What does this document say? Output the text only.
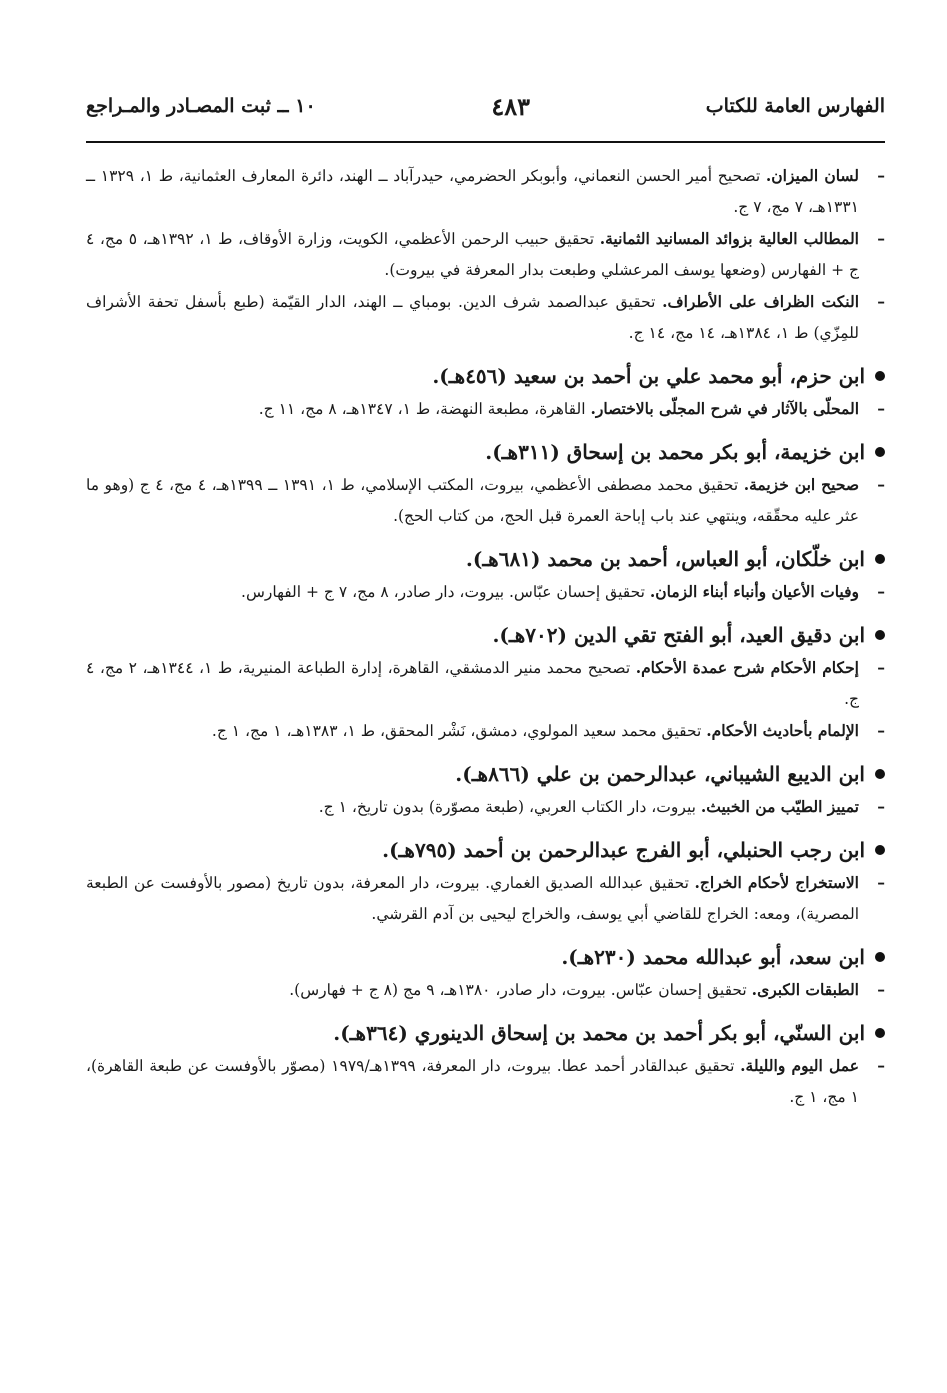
الفهارس العامة للكتاب
٤٨٣
١٠ ــ ثبت المصـادر والمـراجع

–
لسان الميزان. تصحيح أمير الحسن النعماني، وأبوبكر الحضرمي، حيدرآباد ــ الهند، دائرة المعارف العثمانية، ط ١، ١٣٢٩ ــ ١٣٣١هـ، ٧ مج، ٧ ج.

–
المطالب العالية بزوائد المسانيد الثمانية. تحقيق حبيب الرحمن الأعظمي، الكويت، وزارة الأوقاف، ط ١، ١٣٩٢هـ، ٥ مج، ٤ ج + الفهارس (وضعها يوسف المرعشلي وطبعت بدار المعرفة في بيروت).

–
النكت الظراف على الأطراف. تحقيق عبدالصمد شرف الدين. بومباي ــ الهند، الدار القيّمة (طبع بأسفل تحفة الأشراف للمِزّي) ط ١، ١٣٨٤هـ، ١٤ مج، ١٤ ج.

ابن حزم، أبو محمد علي بن أحمد بن سعيد (٤٥٦هـ).

–
المحلّى بالآثار في شرح المجلّى بالاختصار. القاهرة، مطبعة النهضة، ط ١، ١٣٤٧هـ، ٨ مج، ١١ ج.

ابن خزيمة، أبو بكر محمد بن إسحاق (٣١١هـ).

–
صحيح ابن خزيمة. تحقيق محمد مصطفى الأعظمي، بيروت، المكتب الإسلامي، ط ١، ١٣٩١ ــ ١٣٩٩هـ، ٤ مج، ٤ ج (وهو ما عثر عليه محقّقه، وينتهي عند باب إباحة العمرة قبل الحج، من كتاب الحج).

ابن خلّكان، أبو العباس، أحمد بن محمد (٦٨١هـ).

–
وفيات الأعيان وأنباء أبناء الزمان. تحقيق إحسان عبّاس. بيروت، دار صادر، ٨ مج، ٧ ج + الفهارس.

ابن دقيق العيد، أبو الفتح تقي الدين (٧٠٢هـ).

–
إحكام الأحكام شرح عمدة الأحكام. تصحيح محمد منير الدمشقي، القاهرة، إدارة الطباعة المنيرية، ط ١، ١٣٤٤هـ، ٢ مج، ٤ ج.

–
الإلمام بأحاديث الأحكام. تحقيق محمد سعيد المولوي، دمشق، نَشْر المحقق، ط ١، ١٣٨٣هـ، ١ مج، ١ ج.

ابن الديبع الشيباني، عبدالرحمن بن علي (٨٦٦هـ).

–
تمييز الطيّب من الخبيث. بيروت، دار الكتاب العربي، (طبعة مصوّرة) بدون تاريخ، ١ ج.

ابن رجب الحنبلي، أبو الفرج عبدالرحمن بن أحمد (٧٩٥هـ).

–
الاستخراج لأحكام الخراج. تحقيق عبدالله الصديق الغماري. بيروت، دار المعرفة، بدون تاريخ (مصور بالأوفست عن الطبعة المصرية)، ومعه: الخراج للقاضي أبي يوسف، والخراج ليحيى بن آدم القرشي.

ابن سعد، أبو عبدالله محمد (٢٣٠هـ).

–
الطبقات الكبرى. تحقيق إحسان عبّاس. بيروت، دار صادر، ١٣٨٠هـ، ٩ مج (٨ ج + فهارس).

ابن السنّي، أبو بكر أحمد بن محمد بن إسحاق الدينوري (٣٦٤هـ).

–
عمل اليوم والليلة. تحقيق عبدالقادر أحمد عطا. بيروت، دار المعرفة، ١٣٩٩هـ/١٩٧٩ (مصوّر بالأوفست عن طبعة القاهرة)، ١ مج، ١ ج.
